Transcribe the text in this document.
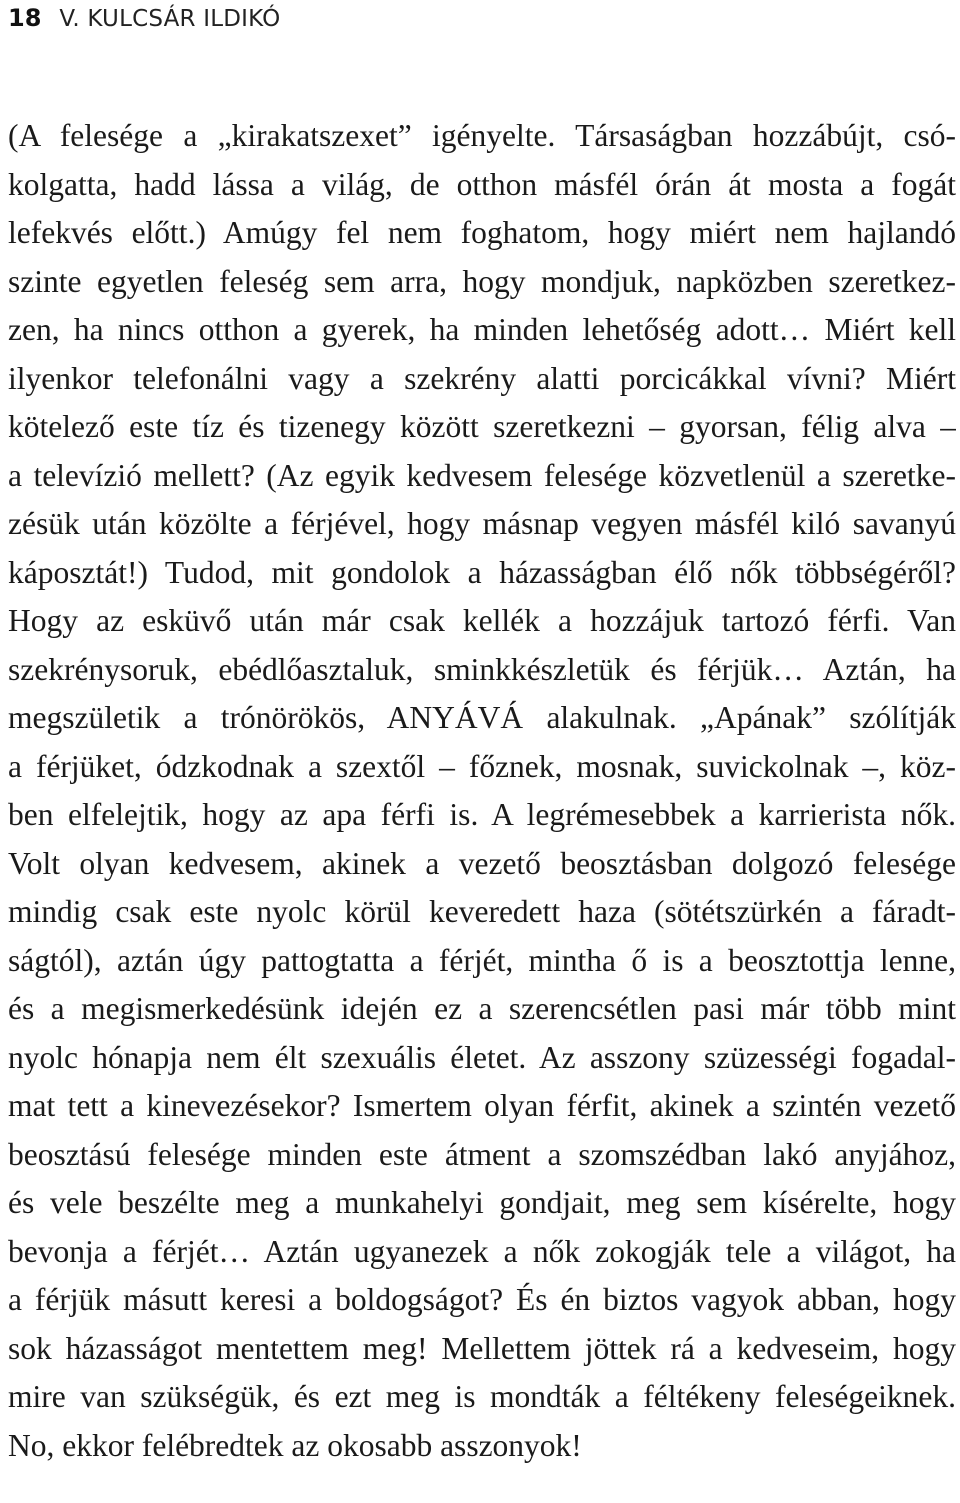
18 V. KULCSÁR ILDIKÓ
(A felesége a „kirakatszexet” igényelte. Társaságban hozzábújt, csó-
kolgatta, hadd lássa a világ, de otthon másfél órán át mosta a fogát
lefekvés előtt.) Amúgy fel nem foghatom, hogy miért nem hajlandó
szinte egyetlen feleség sem arra, hogy mondjuk, napközben szeretkez-
zen, ha nincs otthon a gyerek, ha minden lehetőség adott… Miért kell
ilyenkor telefonálni vagy a szekrény alatti porcicákkal vívni? Miért
kötelező este tíz és tizenegy között szeretkezni – gyorsan, félig alva –
a televízió mellett? (Az egyik kedvesem felesége közvetlenül a szeretke-
zésük után közölte a férjével, hogy másnap vegyen másfél kiló savanyú
káposztát!) Tudod, mit gondolok a házasságban élő nők többségéről?
Hogy az esküvő után már csak kellék a hozzájuk tartozó férfi. Van
szekrénysoruk, ebédlőasztaluk, sminkkészletük és férjük… Aztán, ha
megszületik a trónörökös, ANYÁVÁ alakulnak. „Apának” szólítják
a férjüket, ódzkodnak a szextől – főznek, mosnak, suvickolnak –, köz-
ben elfelejtik, hogy az apa férfi is. A legrémesebbek a karrierista nők.
Volt olyan kedvesem, akinek a vezető beosztásban dolgozó felesége
mindig csak este nyolc körül keveredett haza (sötétszürkén a fáradt-
ságtól), aztán úgy pattogtatta a férjét, mintha ő is a beosztottja lenne,
és a megismerkedésünk idején ez a szerencsétlen pasi már több mint
nyolc hónapja nem élt szexuális életet. Az asszony szüzességi fogadal-
mat tett a kinevezésekor? Ismertem olyan férfit, akinek a szintén vezető
beosztású felesége minden este átment a szomszédban lakó anyjához,
és vele beszélte meg a munkahelyi gondjait, meg sem kísérelte, hogy
bevonja a férjét… Aztán ugyanezek a nők zokogják tele a világot, ha
a férjük másutt keresi a boldogságot? És én biztos vagyok abban, hogy
sok házasságot mentettem meg! Mellettem jöttek rá a kedveseim, hogy
mire van szükségük, és ezt meg is mondták a féltékeny feleségeiknek.
No, ekkor felébredtek az okosabb asszonyok!
